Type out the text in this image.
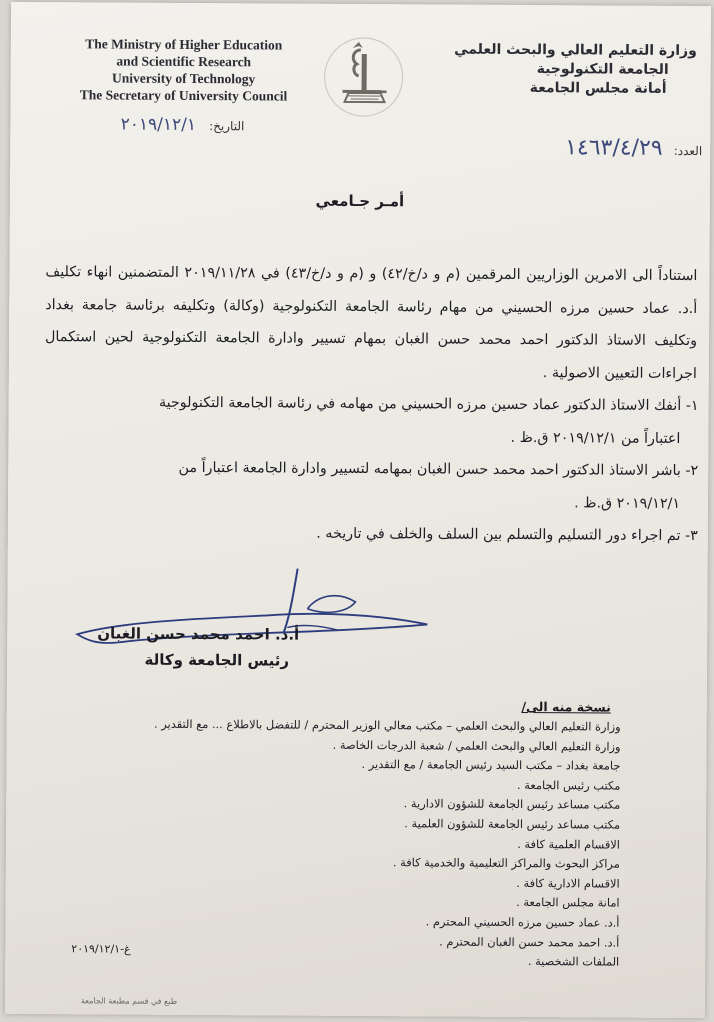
The Ministry of Higher Education
and Scientific Research
University of Technology
The Secretary of University Council
وزارة التعليم العالي والبحث العلمي
الجامعة التكنولوجية
أمانة مجلس الجامعة
التاريخ: ٢٠١٩/١٢/١
العدد: ١٤٦٣/٤/٢٩
أمـر جـامعي
استناداً الى الامرين الوزاريين المرقمين (م و د/خ/٤٢) و (م و د/خ/٤٣) في ٢٠١٩/١١/٢٨ المتضمنين انهاء تكليف أ.د. عماد حسين مرزه الحسيني من مهام رئاسة الجامعة التكنولوجية (وكالة) وتكليفه برئاسة جامعة بغداد وتكليف الاستاذ الدكتور احمد محمد حسن الغبان بمهام تسيير وادارة الجامعة التكنولوجية لحين استكمال اجراءات التعيين الاصولية .
١- أنفك الاستاذ الدكتور عماد حسين مرزه الحسيني من مهامه في رئاسة الجامعة التكنولوجية
اعتباراً من ٢٠١٩/١٢/١ ق.ظ .
٢- باشر الاستاذ الدكتور احمد محمد حسن الغبان بمهامه لتسيير وادارة الجامعة اعتباراً من
٢٠١٩/١٢/١ ق.ظ .
٣- تم اجراء دور التسليم والتسلم بين السلف والخلف في تاريخه .
أ.د. احمد محمد حسن الغبان
رئيس الجامعة وكالة
نسخة منه الى/
وزارة التعليم العالي والبحث العلمي – مكتب معالي الوزير المحترم / للتفضل بالاطلاع ... مع التقدير .
وزارة التعليم العالي والبحث العلمي / شعبة الدرجات الخاصة .
جامعة بغداد – مكتب السيد رئيس الجامعة / مع التقدير .
مكتب رئيس الجامعة .
مكتب مساعد رئيس الجامعة للشؤون الادارية .
مكتب مساعد رئيس الجامعة للشؤون العلمية .
الاقسام العلمية كافة .
مراكز البحوث والمراكز التعليمية والخدمية كافة .
الاقسام الادارية كافة .
امانة مجلس الجامعة .
أ.د. عماد حسين مرزه الحسيني المحترم .
أ.د. احمد محمد حسن الغبان المحترم .
الملفات الشخصية .
غ-٢٠١٩/١٢/١
طبع في قسم مطبعة الجامعة
